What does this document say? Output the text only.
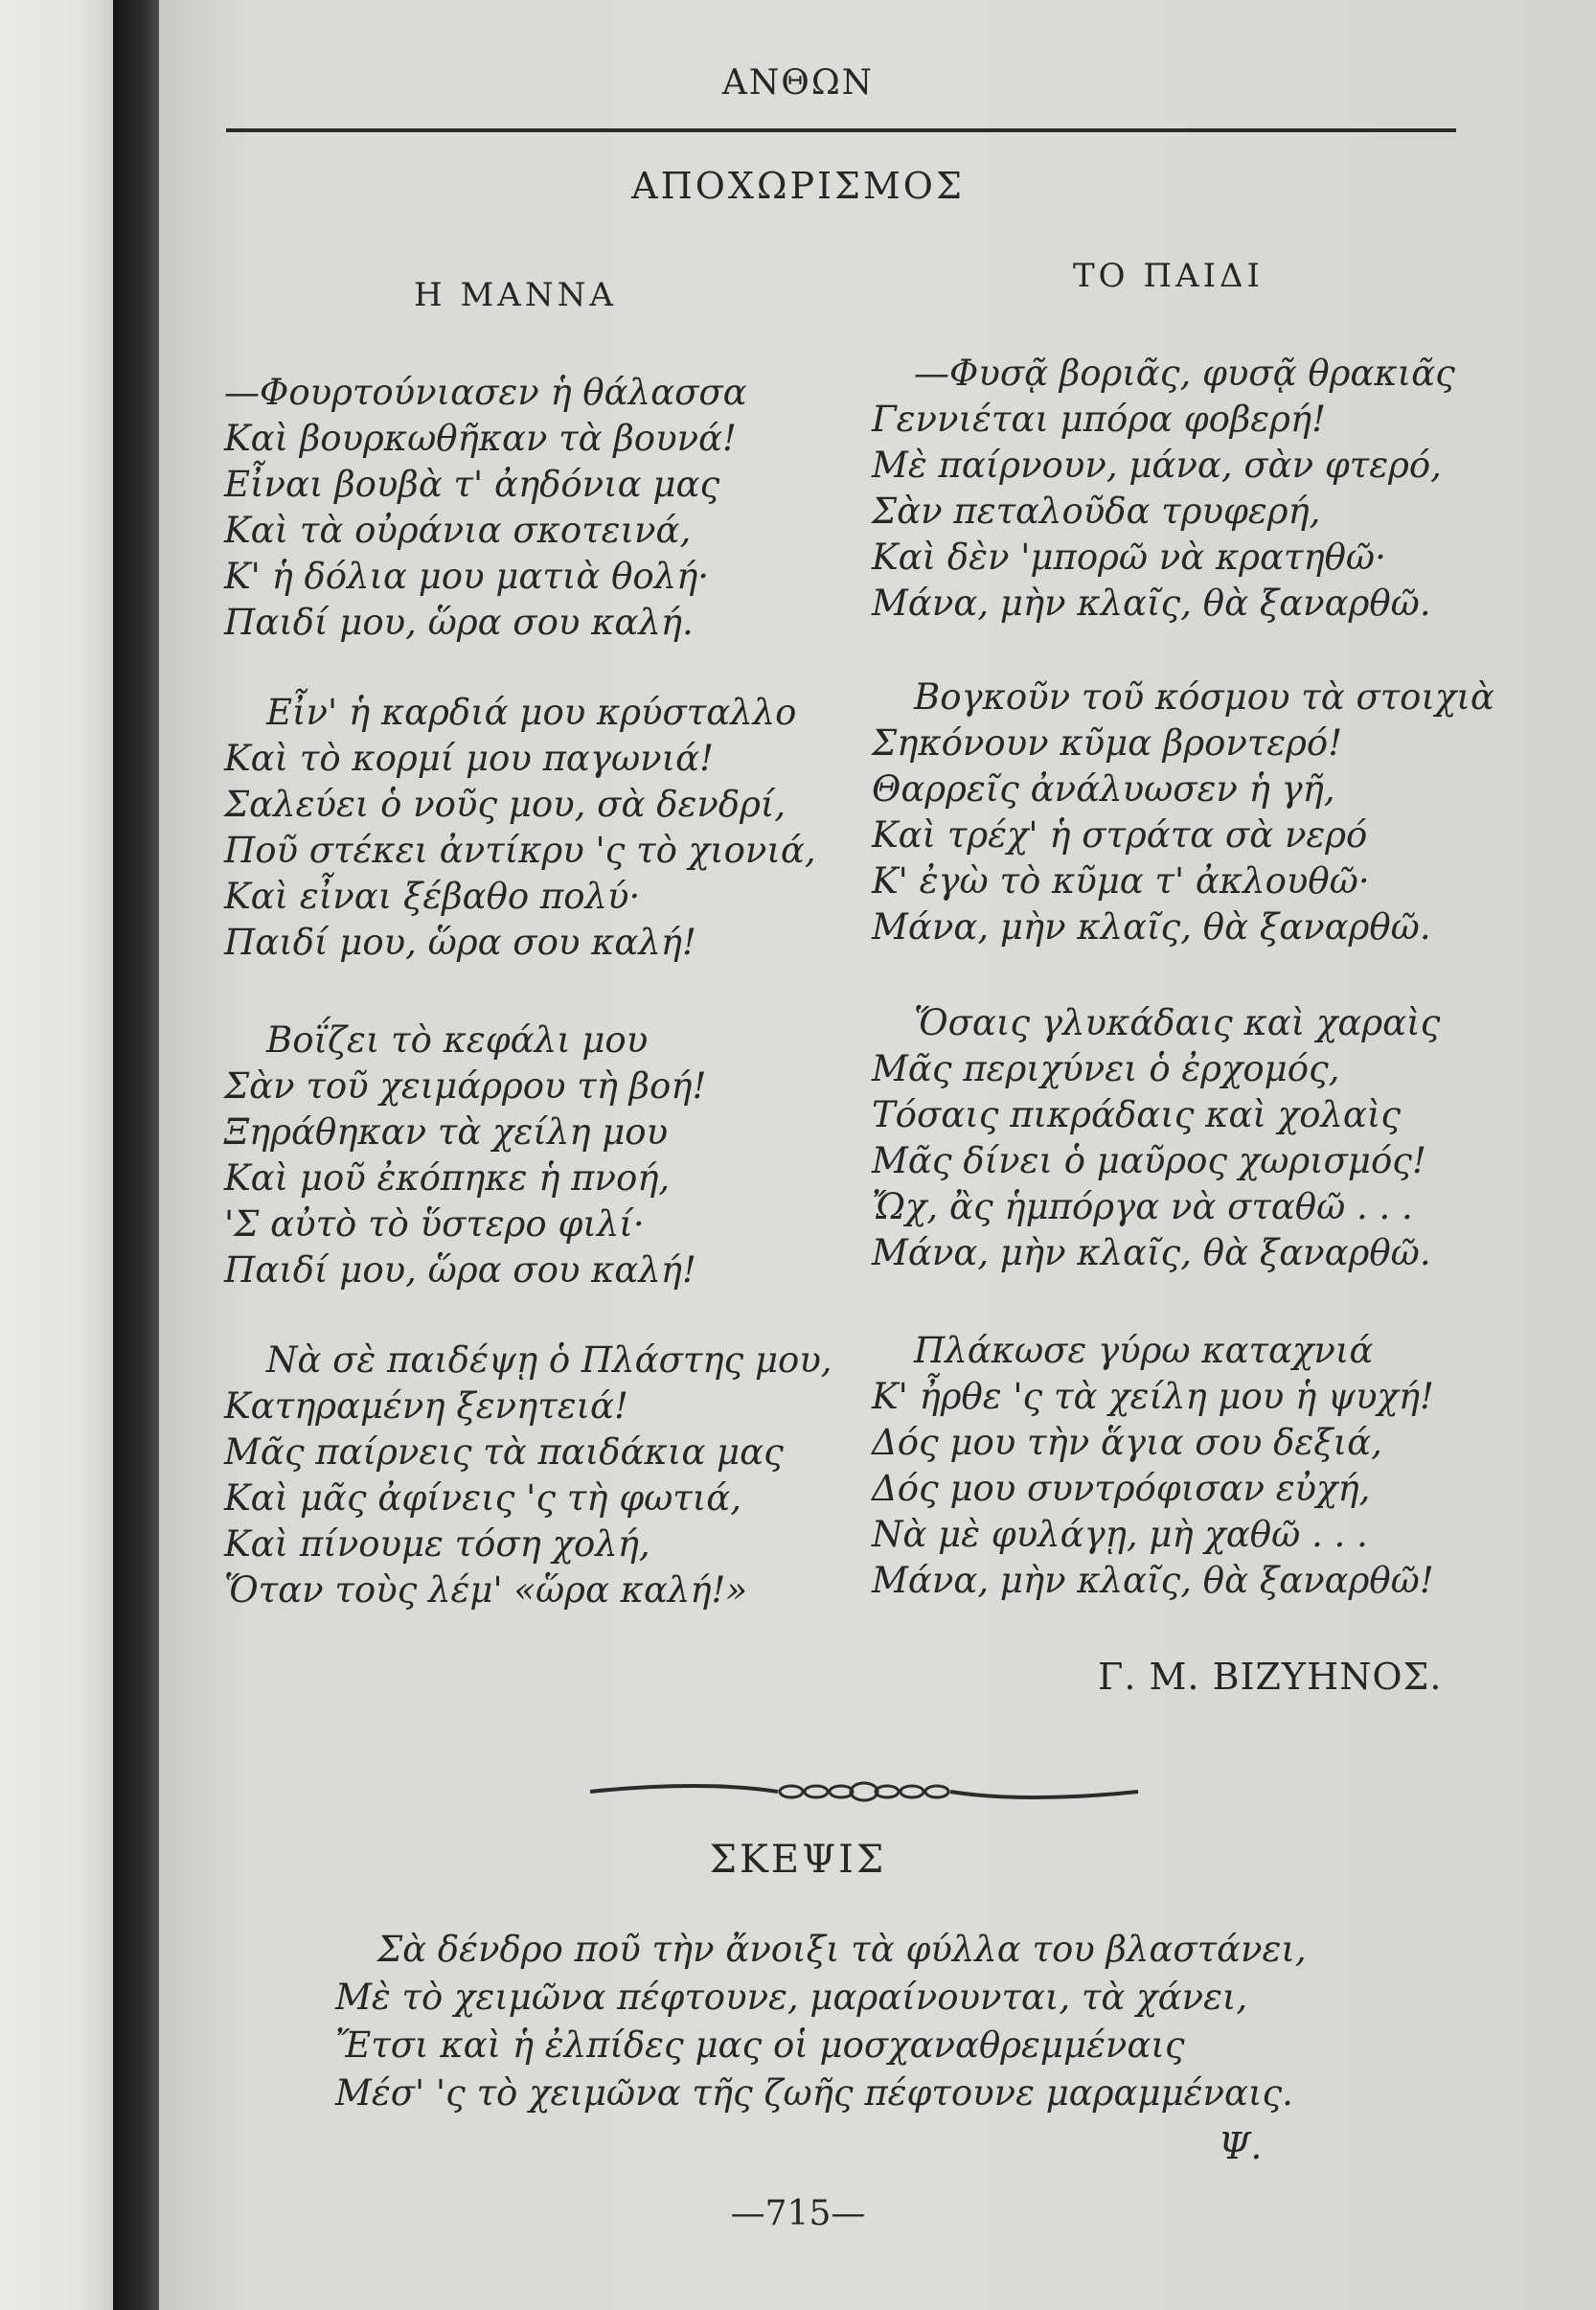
ΑΝΘΩΝ
ΑΠΟΧΩΡΙΣΜΟΣ
Η ΜΑΝΝΑ	ΤΟ ΠΑΙΔΙ
—Φουρτούνιασεν ἡ θάλασσα
Καὶ βουρκωθῆκαν τὰ βουνά!
Εἶναι βουβὰ τ' ἀηδόνια μας
Καὶ τὰ οὐράνια σκοτεινά,
Κ' ἡ δόλια μου ματιὰ θολή·
Παιδί μου, ὥρα σου καλή.
Εἶν' ἡ καρδιά μου κρύσταλλο
Καὶ τὸ κορμί μου παγωνιά!
Σαλεύει ὁ νοῦς μου, σὰ δενδρί,
Ποῦ στέκει ἀντίκρυ 'ς τὸ χιονιά,
Καὶ εἶναι ξέβαθο πολύ·
Παιδί μου, ὥρα σου καλή!
Βοΐζει τὸ κεφάλι μου
Σὰν τοῦ χειμάρρου τὴ βοή!
Ξηράθηκαν τὰ χείλη μου
Καὶ μοῦ ἐκόπηκε ἡ πνοή,
'Σ αὐτὸ τὸ ὕστερο φιλί·
Παιδί μου, ὥρα σου καλή!
Νὰ σὲ παιδέψῃ ὁ Πλάστης μου,
Κατηραμένη ξενητειά!
Μᾶς παίρνεις τὰ παιδάκια μας
Καὶ μᾶς ἀφίνεις 'ς τὴ φωτιά,
Καὶ πίνουμε τόση χολή,
Ὅταν τοὺς λέμ' «ὥρα καλή!»
—Φυσᾷ βοριᾶς, φυσᾷ θρακιᾶς
Γεννιέται μπόρα φοβερή!
Μὲ παίρνουν, μάνα, σὰν φτερό,
Σὰν πεταλοῦδα τρυφερή,
Καὶ δὲν 'μπορῶ νὰ κρατηθῶ·
Μάνα, μὴν κλαῖς, θὰ ξαναρθῶ.
Βογκοῦν τοῦ κόσμου τὰ στοιχιὰ
Σηκόνουν κῦμα βροντερό!
Θαρρεῖς ἀνάλυωσεν ἡ γῆ,
Καὶ τρέχ' ἡ στράτα σὰ νερό
Κ' ἐγὼ τὸ κῦμα τ' ἀκλουθῶ·
Μάνα, μὴν κλαῖς, θὰ ξαναρθῶ.
Ὅσαις γλυκάδαις καὶ χαραὶς
Μᾶς περιχύνει ὁ ἐρχομός,
Τόσαις πικράδαις καὶ χολαὶς
Μᾶς δίνει ὁ μαῦρος χωρισμός!
Ὤχ, ἂς ἡμπόργα νὰ σταθῶ . . .
Μάνα, μὴν κλαῖς, θὰ ξαναρθῶ.
Πλάκωσε γύρω καταχνιά
Κ' ἦρθε 'ς τὰ χείλη μου ἡ ψυχή!
Δός μου τὴν ἅγια σου δεξιά,
Δός μου συντρόφισαν εὐχή,
Νὰ μὲ φυλάγῃ, μὴ χαθῶ . . .
Μάνα, μὴν κλαῖς, θὰ ξαναρθῶ!
Γ. Μ. ΒΙΖΥΗΝΟΣ.
ΣΚΕΨΙΣ
Σὰ δένδρο ποῦ τὴν ἄνοιξι τὰ φύλλα του βλαστάνει,
Μὲ τὸ χειμῶνα πέφτουνε, μαραίνουνται, τὰ χάνει,
Ἔτσι καὶ ἡ ἐλπίδες μας οἱ μοσχαναθρεμμέναις
Μέσ' 'ς τὸ χειμῶνα τῆς ζωῆς πέφτουνε μαραμμέναις.
Ψ.
—715—
